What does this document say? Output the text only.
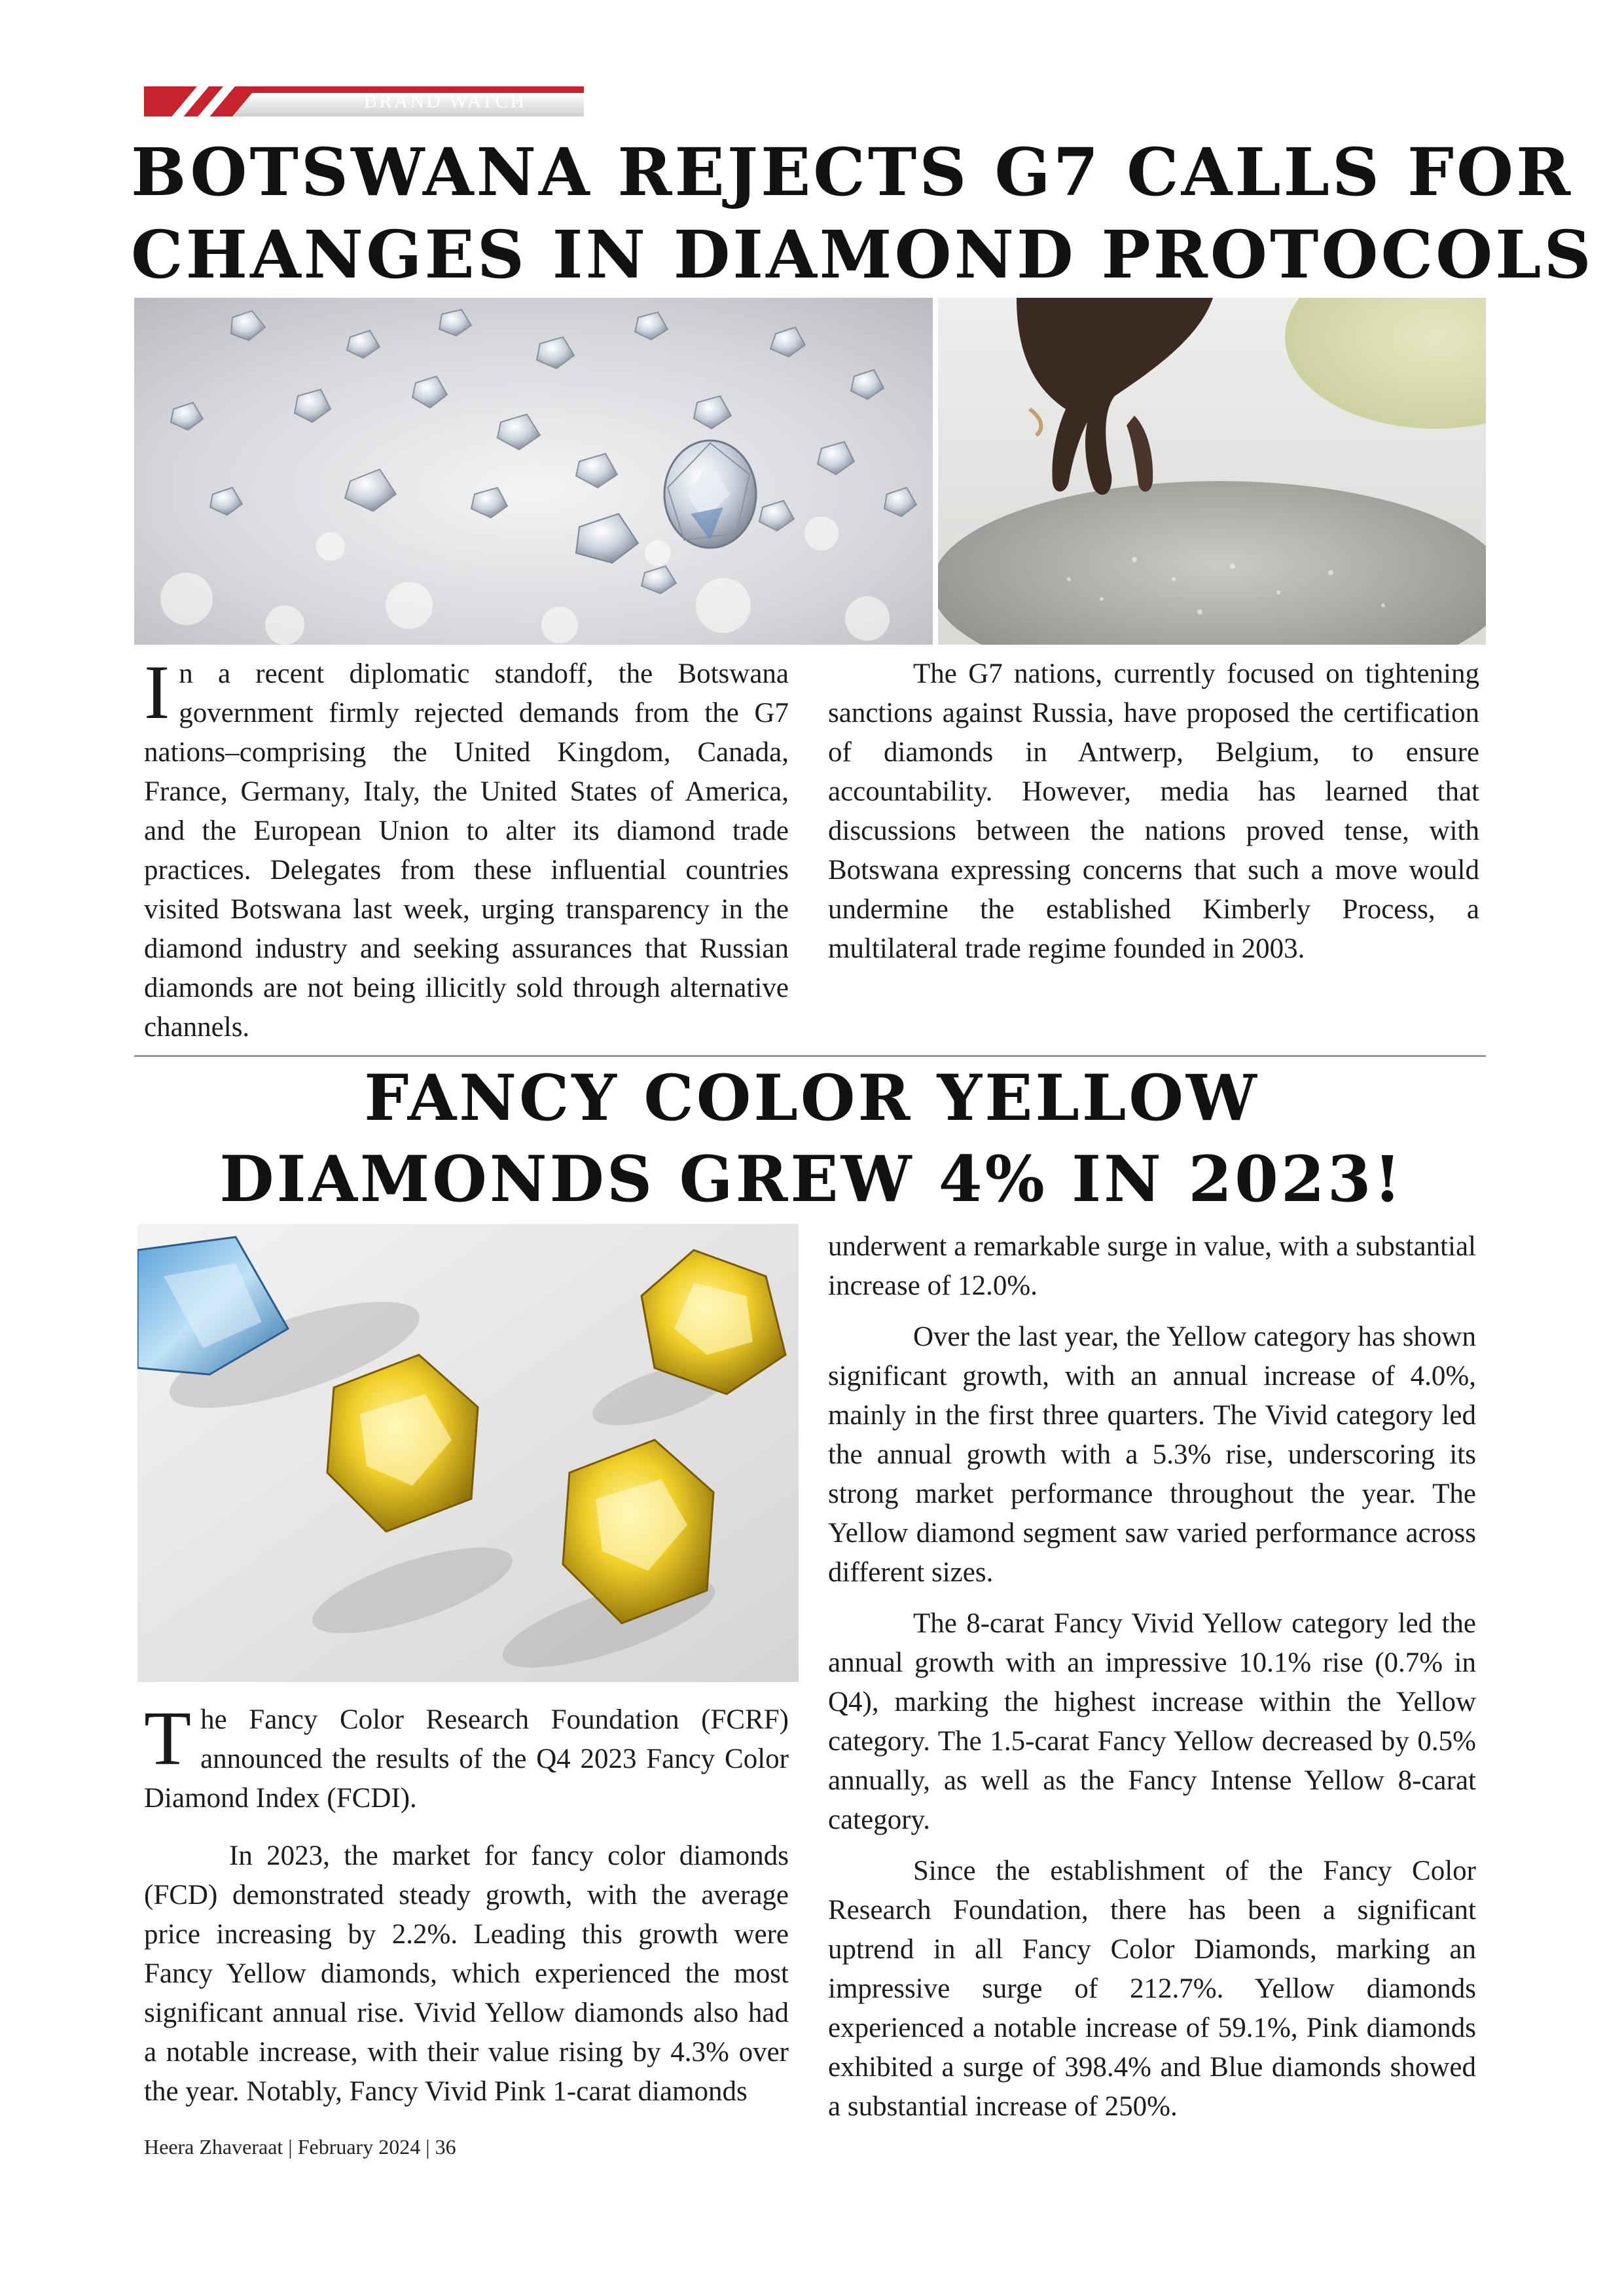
BRAND WATCH
BOTSWANA REJECTS G7 CALLS FOR
CHANGES IN DIAMOND PROTOCOLS

In a recent diplomatic standoff, the Botswana government firmly rejected demands from the G7 nations–comprising the United Kingdom, Canada, France, Germany, Italy, the United States of America, and the European Union to alter its diamond trade practices. Delegates from these influential countries visited Botswana last week, urging transparency in the diamond industry and seeking assurances that Russian diamonds are not being illicitly sold through alternative channels.

The G7 nations, currently focused on tightening sanctions against Russia, have proposed the certification of diamonds in Antwerp, Belgium, to ensure accountability. However, media has learned that discussions between the nations proved tense, with Botswana expressing concerns that such a move would undermine the established Kimberly Process, a multilateral trade regime founded in 2003.

FANCY COLOR YELLOW
DIAMONDS GREW 4% IN 2023!

The Fancy Color Research Foundation (FCRF) announced the results of the Q4 2023 Fancy Color Diamond Index (FCDI).

In 2023, the market for fancy color diamonds (FCD) demonstrated steady growth, with the average price increasing by 2.2%. Leading this growth were Fancy Yellow diamonds, which experienced the most significant annual rise. Vivid Yellow diamonds also had a notable increase, with their value rising by 4.3% over the year. Notably, Fancy Vivid Pink 1-carat diamonds

underwent a remarkable surge in value, with a substantial increase of 12.0%.

Over the last year, the Yellow category has shown significant growth, with an annual increase of 4.0%, mainly in the first three quarters. The Vivid category led the annual growth with a 5.3% rise, underscoring its strong market performance throughout the year. The Yellow diamond segment saw varied performance across different sizes.

The 8-carat Fancy Vivid Yellow category led the annual growth with an impressive 10.1% rise (0.7% in Q4), marking the highest increase within the Yellow category. The 1.5-carat Fancy Yellow decreased by 0.5% annually, as well as the Fancy Intense Yellow 8-carat category.

Since the establishment of the Fancy Color Research Foundation, there has been a significant uptrend in all Fancy Color Diamonds, marking an impressive surge of 212.7%. Yellow diamonds experienced a notable increase of 59.1%, Pink diamonds exhibited a surge of 398.4% and Blue diamonds showed a substantial increase of 250%.

Heera Zhaveraat | February 2024 | 36
